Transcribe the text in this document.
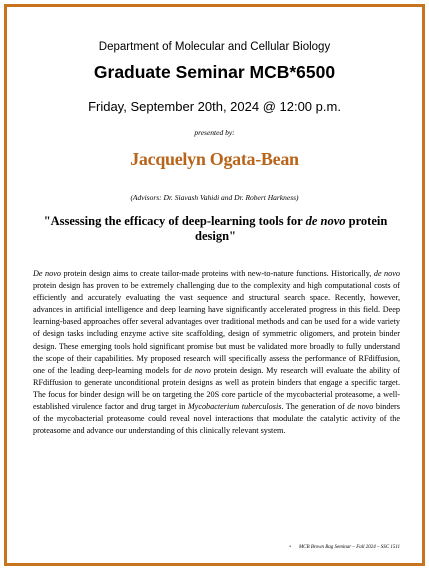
Department of Molecular and Cellular Biology
Graduate Seminar MCB*6500
Friday, September 20th, 2024 @ 12:00 p.m.
presented by:
Jacquelyn Ogata-Bean
(Advisors: Dr. Siavash Vahidi and Dr. Robert Harkness)
"Assessing the efficacy of deep-learning tools for de novo protein design"
De novo protein design aims to create tailor-made proteins with new-to-nature functions. Historically, de novo protein design has proven to be extremely challenging due to the complexity and high computational costs of efficiently and accurately evaluating the vast sequence and structural search space. Recently, however, advances in artificial intelligence and deep learning have significantly accelerated progress in this field. Deep learning-based approaches offer several advantages over traditional methods and can be used for a wide variety of design tasks including enzyme active site scaffolding, design of symmetric oligomers, and protein binder design. These emerging tools hold significant promise but must be validated more broadly to fully understand the scope of their capabilities. My proposed research will specifically assess the performance of RFdiffusion, one of the leading deep-learning models for de novo protein design. My research will evaluate the ability of RFdiffusion to generate unconditional protein designs as well as protein binders that engage a specific target. The focus for binder design will be on targeting the 20S core particle of the mycobacterial proteasome, a well-established virulence factor and drug target in Mycobacterium tuberculosis. The generation of de novo binders of the mycobacterial proteasome could reveal novel interactions that modulate the catalytic activity of the proteasome and advance our understanding of this clinically relevant system.
• MCB Brown Bag Seminar – Fall 2024 – SSC 1511
